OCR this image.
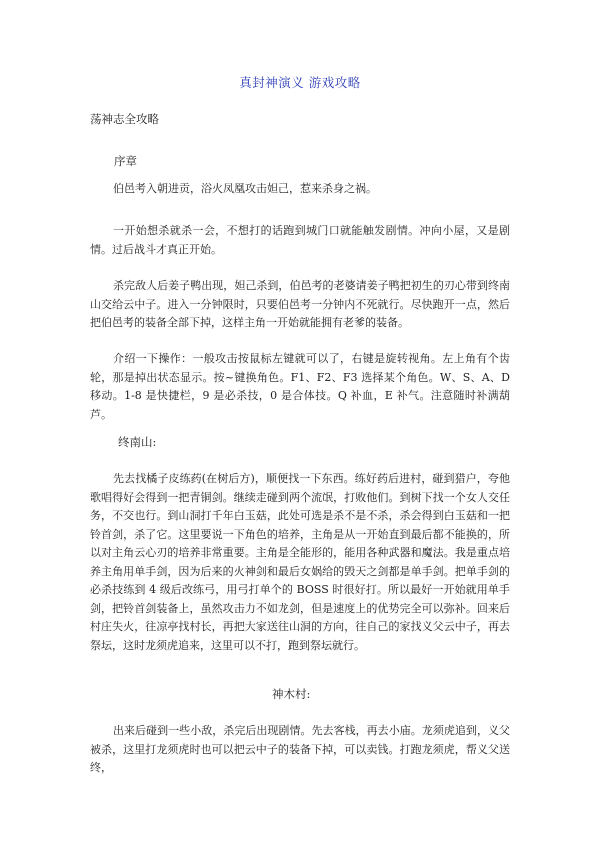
真封神演义 游戏攻略
荡神志全攻略
序章

伯邑考入朝进贡，浴火凤凰攻击妲己，惹来杀身之祸。

一开始想杀就杀一会，不想打的话跑到城门口就能触发剧情。冲向小屋，又是剧情。过后战斗才真正开始。

杀完敌人后姜子鸭出现，妲己杀到，伯邑考的老婆请姜子鸭把初生的刃心带到终南山交给云中子。进入一分钟限时，只要伯邑考一分钟内不死就行。尽快跑开一点，然后把伯邑考的装备全部下掉，这样主角一开始就能拥有老爹的装备。

介绍一下操作：一般攻击按鼠标左键就可以了，右键是旋转视角。左上角有个齿轮，那是掉出状态显示。按~键换角色。F1、F2、F3 选择某个角色。W、S、A、D 移动。1-8 是快捷栏，9 是必杀技，0 是合体技。Q 补血，E 补气。注意随时补满葫芦。

终南山:

先去找橘子皮练药(在树后方)，顺便找一下东西。练好药后进村，碰到猎户，夸他歌唱得好会得到一把青铜剑。继续走碰到两个流氓，打败他们。到树下找一个女人交任务，不交也行。到山洞打千年白玉菇，此处可选是杀不是不杀，杀会得到白玉菇和一把铃首剑，杀了它。这里要说一下角色的培养，主角是从一开始直到最后都不能换的，所以对主角云心刃的培养非常重要。主角是全能形的，能用各种武器和魔法。我是重点培养主角用单手剑，因为后来的火神剑和最后女娲给的毁天之剑都是单手剑。把单手剑的必杀技练到 4 级后改练弓，用弓打单个的 BOSS 时很好打。所以最好一开始就用单手剑，把铃首剑装备上，虽然攻击力不如龙剑，但是速度上的优势完全可以弥补。回来后村庄失火，往凉亭找村长，再把大家送往山洞的方向，往自己的家找义父云中子，再去祭坛，这时龙须虎追来，这里可以不打，跑到祭坛就行。

神木村:

出来后碰到一些小敌，杀完后出现剧情。先去客栈，再去小庙。龙须虎追到，义父被杀，这里打龙须虎时也可以把云中子的装备下掉，可以卖钱。打跑龙须虎，帮义父送终，
